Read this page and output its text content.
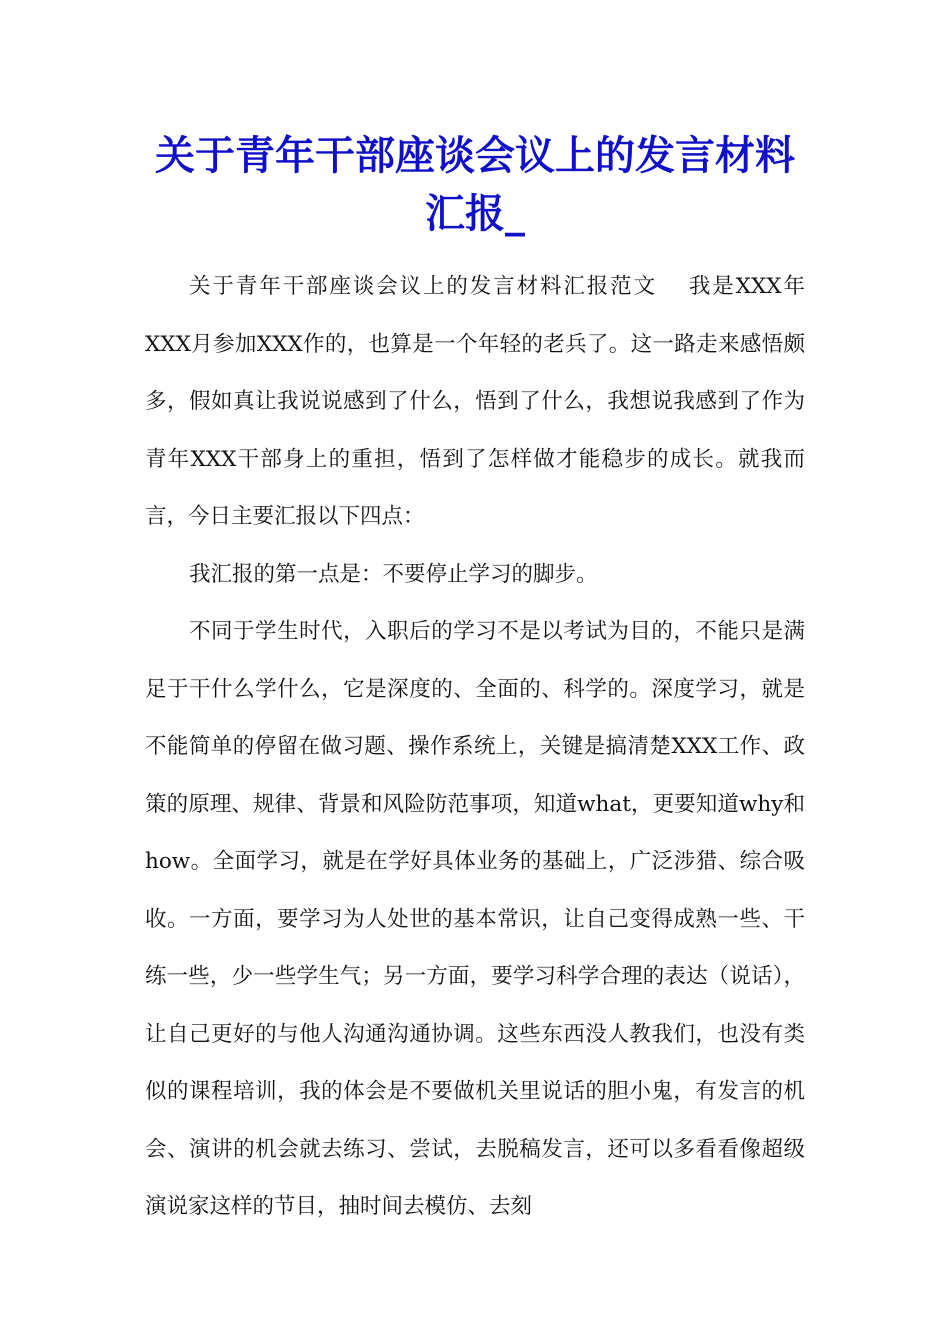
关于青年干部座谈会议上的发言材料汇报_

关于青年干部座谈会议上的发言材料汇报范文 我是XXX年XXX月参加XXX作的，也算是一个年轻的老兵了。这一路走来感悟颇多，假如真让我说说感到了什么，悟到了什么，我想说我感到了作为青年XXX干部身上的重担，悟到了怎样做才能稳步的成长。就我而言，今日主要汇报以下四点：

我汇报的第一点是：不要停止学习的脚步。

不同于学生时代，入职后的学习不是以考试为目的，不能只是满足于干什么学什么，它是深度的、全面的、科学的。深度学习，就是不能简单的停留在做习题、操作系统上，关键是搞清楚XXX工作、政策的原理、规律、背景和风险防范事项，知道what，更要知道why和how。全面学习，就是在学好具体业务的基础上，广泛涉猎、综合吸收。一方面，要学习为人处世的基本常识，让自己变得成熟一些、干练一些，少一些学生气；另一方面，要学习科学合理的表达（说话），让自己更好的与他人沟通沟通协调。这些东西没人教我们，也没有类似的课程培训，我的体会是不要做机关里说话的胆小鬼，有发言的机会、演讲的机会就去练习、尝试，去脱稿发言，还可以多看看像超级演说家这样的节目，抽时间去模仿、去刻
